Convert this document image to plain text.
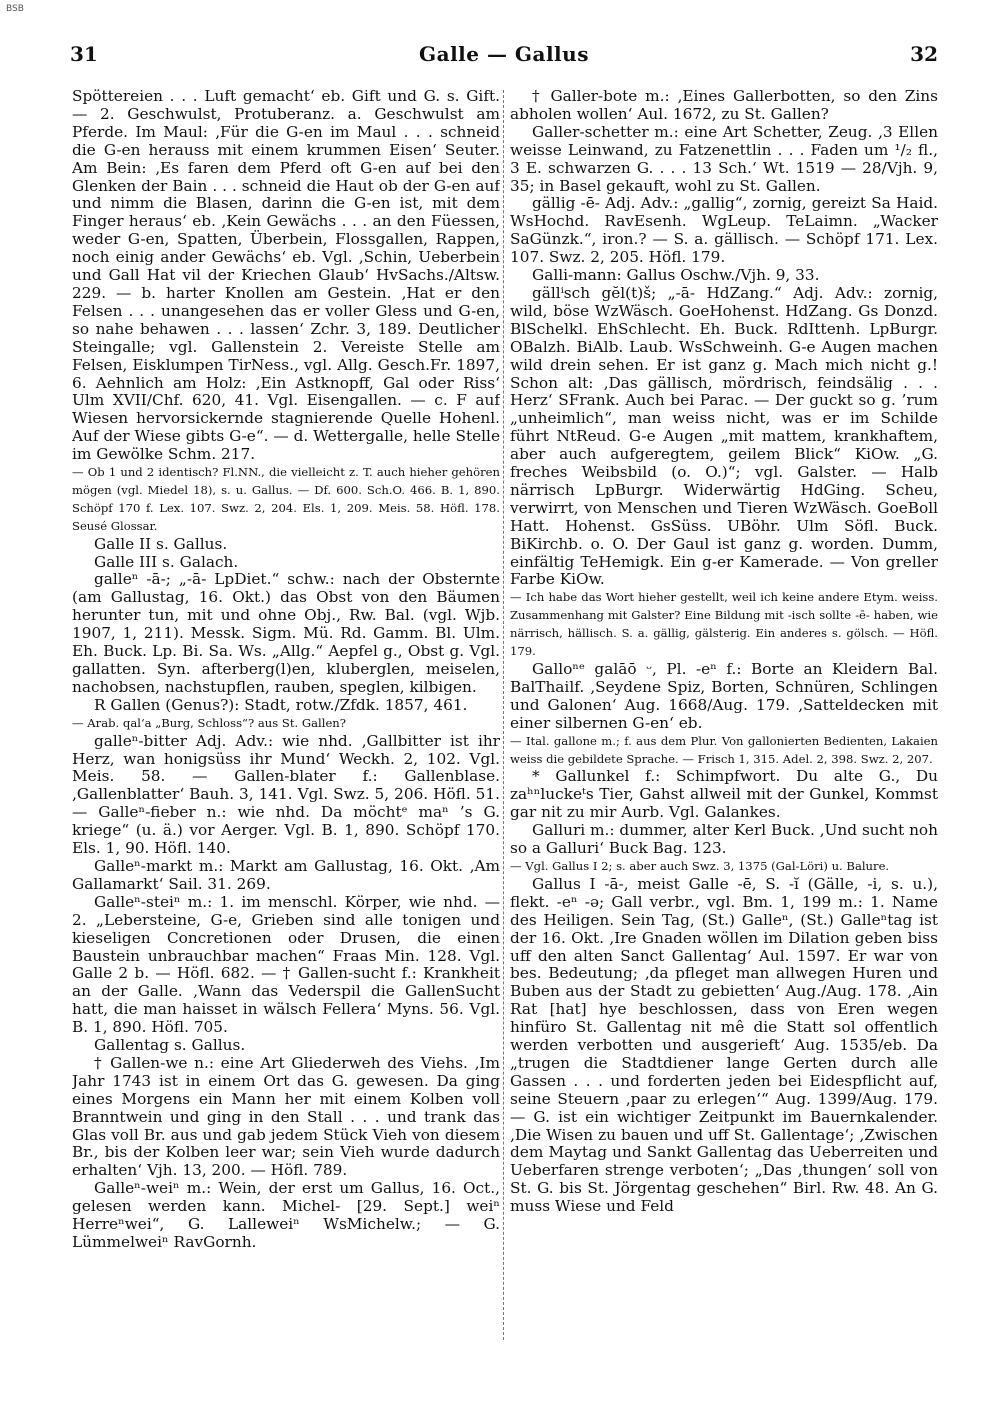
BSB
31	Galle — Gallus	32

Spöttereien . . . Luft gemacht‘ eb. Gift und G. s. Gift. — 2. Geschwulst, Protuberanz. a. Geschwulst am Pferde. Im Maul: ‚Für die G-en im Maul . . . schneid die G-en herauss mit einem krummen Eisen‘ Seuter. Am Bein: ‚Es faren dem Pferd oft G-en auf bei den Glenken der Bain . . . schneid die Haut ob der G-en auf und nimm die Blasen, darinn die G-en ist, mit dem Finger heraus‘ eb. ‚Kein Gewächs . . . an den Füessen, weder G-en, Spatten, Überbein, Flossgallen, Rappen, noch einig ander Gewächs‘ eb. Vgl. ‚Schin, Ueberbein und Gall Hat vil der Kriechen Glaub‘ HvSachs./Altsw. 229. — b. harter Knollen am Gestein. ‚Hat er den Felsen . . . unangesehen das er voller Gless und G-en, so nahe behawen . . . lassen‘ Zchr. 3, 189. Deutlicher Steingalle; vgl. Gallenstein 2. Vereiste Stelle am Felsen, Eisklumpen TirNess., vgl. Allg. Gesch.Fr. 1897, 6. Aehnlich am Holz: ‚Ein Astknopff, Gal oder Riss‘ Ulm XVII/Chf. 620, 41. Vgl. Eisengallen. — c. F auf Wiesen hervorsickernde stagnierende Quelle Hohenl. Auf der Wiese gibts G-e“. — d. Wettergalle, helle Stelle im Gewölke Schm. 217.

— Ob 1 und 2 identisch? Fl.NN., die vielleicht z. T. auch hieher gehören mögen (vgl. Miedel 18), s. u. Gallus. — Df. 600. Sch.O. 466. B. 1, 890. Schöpf 170 f. Lex. 107. Swz. 2, 204. Els. 1, 209. Meis. 58. Höfl. 178. Seusé Glossar.

Galle II s. Gallus.

Galle III s. Galach.

galleⁿ -ā-; „-ā- LpDiet.“ schw.: nach der Obsternte (am Gallustag, 16. Okt.) das Obst von den Bäumen herunter tun, mit und ohne Obj., Rw. Bal. (vgl. Wjb. 1907, 1, 211). Messk. Sigm. Mü. Rd. Gamm. Bl. Ulm. Eh. Buck. Lp. Bi. Sa. Ws. „Allg.“ Aepfel g., Obst g. Vgl. gallatten. Syn. afterberg(l)en, kluberglen, meiselen, nachobsen, nachstupflen, rauben, speglen, kilbigen.

R Gallen (Genus?): Stadt, rotw./Zfdk. 1857, 461.

— Arab. qal‘a „Burg, Schloss“? aus St. Gallen?

galleⁿ-bitter Adj. Adv.: wie nhd. ‚Gallbitter ist ihr Herz, wan honigsüss ihr Mund‘ Weckh. 2, 102. Vgl. Meis. 58. — Gallen-blater f.: Gallenblase. ‚Gallenblatter‘ Bauh. 3, 141. Vgl. Swz. 5, 206. Höfl. 51. — Galleⁿ-fieber n.: wie nhd. Da möchtᵉ maⁿ ’s G. kriege“ (u. ä.) vor Aerger. Vgl. B. 1, 890. Schöpf 170. Els. 1, 90. Höfl. 140.

Galleⁿ-markt m.: Markt am Gallustag, 16. Okt. ‚Am Gallamarkt‘ Sail. 31. 269.

Galleⁿ-steiⁿ m.: 1. im menschl. Körper, wie nhd. — 2. „Lebersteine, G-e, Grieben sind alle tonigen und kieseligen Concretionen oder Drusen, die einen Baustein unbrauchbar machen“ Fraas Min. 128. Vgl. Galle 2 b. — Höfl. 682. — † Gallen-sucht f.: Krankheit an der Galle. ‚Wann das Vederspil die GallenSucht hatt, die man haisset in wälsch Fellera‘ Myns. 56. Vgl. B. 1, 890. Höfl. 705.

Gallentag s. Gallus.

† Gallen-we n.: eine Art Gliederweh des Viehs. ‚Im Jahr 1743 ist in einem Ort das G. gewesen. Da ging eines Morgens ein Mann her mit einem Kolben voll Branntwein und ging in den Stall . . . und trank das Glas voll Br. aus und gab jedem Stück Vieh von diesem Br., bis der Kolben leer war; sein Vieh wurde dadurch erhalten‘ Vjh. 13, 200. — Höfl. 789.

Galleⁿ-weiⁿ m.: Wein, der erst um Gallus, 16. Oct., gelesen werden kann. Michel- [29. Sept.] weiⁿ Herreⁿwei“, G. Lalleweiⁿ WsMichelw.; — G. Lümmelweiⁿ RavGornh.

† Galler-bote m.: ‚Eines Gallerbotten, so den Zins abholen wollen‘ Aul. 1672, zu St. Gallen?

Galler-schetter m.: eine Art Schetter, Zeug. ‚3 Ellen weisse Leinwand, zu Fatzenettlin . . . Faden um ¹/₂ fl., 3 E. schwarzen G. . . . 13 Sch.‘ Wt. 1519 — 28/Vjh. 9, 35; in Basel gekauft, wohl zu St. Gallen.

gällig -ē- Adj. Adv.: „gallig“, zornig, gereizt Sa Haid. WsHochd. RavEsenh. WgLeup. TeLaimn. „Wacker SaGünzk.“, iron.? — S. a. gällisch. — Schöpf 171. Lex. 107. Swz. 2, 205. Höfl. 179.

Galli-mann: Gallus Oschw./Vjh. 9, 33.

gällⁱsch gĕl(t)š; „-ā- HdZang.“ Adj. Adv.: zornig, wild, böse WzWäsch. GoeHohenst. HdZang. Gs Donzd. BlSchelkl. EhSchlecht. Eh. Buck. RdIttenh. LpBurgr. OBalzh. BiAlb. Laub. WsSchweinh. G-e Augen machen wild drein sehen. Er ist ganz g. Mach mich nicht g.! Schon alt: ‚Das gällisch, mördrisch, feindsälig . . . Herz‘ SFrank. Auch bei Parac. — Der guckt so g. ’rum „unheimlich“, man weiss nicht, was er im Schilde führt NtReud. G-e Augen „mit mattem, krankhaftem, aber auch aufgeregtem, geilem Blick“ KiOw. „G. freches Weibsbild (o. O.)“; vgl. Galster. — Halb närrisch LpBurgr. Widerwärtig HdGing. Scheu, verwirrt, von Menschen und Tieren WzWäsch. GoeBoll Hatt. Hohenst. GsSüss. UBöhr. Ulm Söfl. Buck. BiKirchb. o. O. Der Gaul ist ganz g. worden. Dumm, einfältig TeHemigk. Ein g-er Kamerade. — Von greller Farbe KiOw.

— Ich habe das Wort hieher gestellt, weil ich keine andere Etym. weiss. Zusammenhang mit Galster? Eine Bildung mit -isch sollte -ē- haben, wie närrisch, hällisch. S. a. gällig, gälsterig. Ein anderes s. gölsch. — Höfl. 179.

Galloⁿᵉ galāō ᵕ, Pl. -eⁿ f.: Borte an Kleidern Bal. BalThailf. ‚Seydene Spiz, Borten, Schnüren, Schlingen und Galonen‘ Aug. 1668/Aug. 179. ‚Satteldecken mit einer silbernen G-en‘ eb.

— Ital. gallone m.; f. aus dem Plur. Von gallonierten Bedienten, Lakaien weiss die gebildete Sprache. — Frisch 1, 315. Adel. 2, 398. Swz. 2, 207.

* Gallunkel f.: Schimpfwort. Du alte G., Du zaʰⁿluckeᵗs Tier, Gahst allweil mit der Gunkel, Kommst gar nit zu mir Aurb. Vgl. Galankes.

Galluri m.: dummer, alter Kerl Buck. ‚Und sucht noh so a Galluri‘ Buck Bag. 123.

— Vgl. Gallus I 2; s. aber auch Swz. 3, 1375 (Gal-Löri) u. Balure.

Gallus I -ā-, meist Galle -ē, S. -ĭ (Gälle, -i, s. u.), flekt. -eⁿ -ə; Gall verbr., vgl. Bm. 1, 199 m.: 1. Name des Heiligen. Sein Tag, (St.) Galleⁿ, (St.) Galleⁿtag ist der 16. Okt. ‚Ire Gnaden wöllen im Dilation geben biss uff den alten Sanct Gallentag‘ Aul. 1597. Er war von bes. Bedeutung; ‚da pfleget man allwegen Huren und Buben aus der Stadt zu gebietten‘ Aug./Aug. 178. ‚Ain Rat [hat] hye beschlossen, dass von Eren wegen hinfüro St. Gallentag nit mê die Statt sol offentlich werden verbotten und ausgerieft‘ Aug. 1535/eb. Da „trugen die Stadtdiener lange Gerten durch alle Gassen . . . und forderten jeden bei Eidespflicht auf, seine Steuern ‚paar zu erlegen‘“ Aug. 1399/Aug. 179. — G. ist ein wichtiger Zeitpunkt im Bauernkalender. ‚Die Wisen zu bauen und uff St. Gallentage‘; ‚Zwischen dem Maytag und Sankt Gallentag das Ueberreiten und Ueberfaren strenge verboten‘; „Das ‚thungen‘ soll von St. G. bis St. Jörgentag geschehen“ Birl. Rw. 48. An G. muss Wiese und Feld
